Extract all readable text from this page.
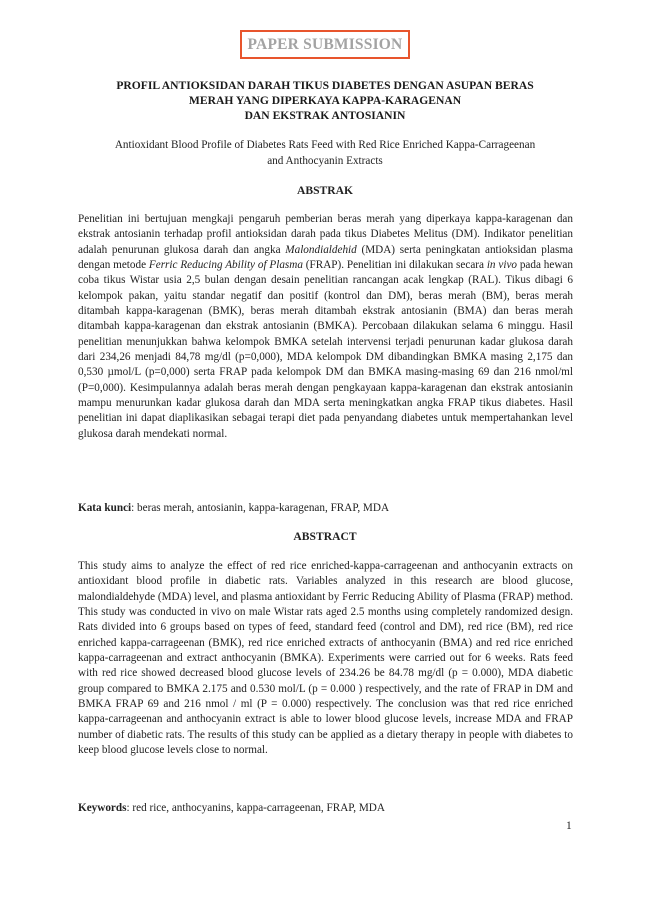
PAPER SUBMISSION
PROFIL ANTIOKSIDAN DARAH TIKUS DIABETES DENGAN ASUPAN BERAS
MERAH YANG DIPERKAYA KAPPA-KARAGENAN
DAN EKSTRAK ANTOSIANIN
Antioxidant Blood Profile of Diabetes Rats Feed with Red Rice Enriched Kappa-Carrageenan
and Anthocyanin Extracts
ABSTRAK
Penelitian ini bertujuan mengkaji pengaruh pemberian beras merah yang diperkaya kappa-karagenan dan ekstrak antosianin terhadap profil antioksidan darah pada tikus Diabetes Melitus (DM). Indikator penelitian adalah penurunan glukosa darah dan angka Malondialdehid (MDA) serta peningkatan antioksidan plasma dengan metode Ferric Reducing Ability of Plasma (FRAP). Penelitian ini dilakukan secara in vivo pada hewan coba tikus Wistar usia 2,5 bulan dengan desain penelitian rancangan acak lengkap (RAL). Tikus dibagi 6 kelompok pakan, yaitu standar negatif dan positif (kontrol dan DM), beras merah (BM), beras merah ditambah kappa-karagenan (BMK), beras merah ditambah ekstrak antosianin (BMA) dan beras merah ditambah kappa-karagenan dan ekstrak antosianin (BMKA). Percobaan dilakukan selama 6 minggu. Hasil penelitian menunjukkan bahwa kelompok BMKA setelah intervensi terjadi penurunan kadar glukosa darah dari 234,26 menjadi 84,78 mg/dl (p=0,000), MDA kelompok DM dibandingkan BMKA masing 2,175 dan 0,530 µmol/L (p=0,000) serta FRAP pada kelompok DM dan BMKA masing-masing 69 dan 216 nmol/ml (P=0,000). Kesimpulannya adalah beras merah dengan pengkayaan kappa-karagenan dan ekstrak antosianin mampu menurunkan kadar glukosa darah dan MDA serta meningkatkan angka FRAP tikus diabetes. Hasil penelitian ini dapat diaplikasikan sebagai terapi diet pada penyandang diabetes untuk mempertahankan level glukosa darah mendekati normal.
Kata kunci: beras merah, antosianin, kappa-karagenan, FRAP, MDA
ABSTRACT
This study aims to analyze the effect of red rice enriched-kappa-carrageenan and anthocyanin extracts on antioxidant blood profile in diabetic rats. Variables analyzed in this research are blood glucose, malondialdehyde (MDA) level, and plasma antioxidant by Ferric Reducing Ability of Plasma (FRAP) method. This study was conducted in vivo on male Wistar rats aged 2.5 months using completely randomized design. Rats divided into 6 groups based on types of feed, standard feed (control and DM), red rice (BM), red rice enriched kappa-carrageenan (BMK), red rice enriched extracts of anthocyanin (BMA) and red rice enriched kappa-carrageenan and extract anthocyanin (BMKA). Experiments were carried out for 6 weeks. Rats feed with red rice showed decreased blood glucose levels of 234.26 be 84.78 mg/dl (p = 0.000), MDA diabetic group compared to BMKA 2.175 and 0.530 mol/L (p = 0.000 ) respectively, and the rate of FRAP in DM and BMKA FRAP 69 and 216 nmol / ml (P = 0.000) respectively. The conclusion was that red rice enriched kappa-carrageenan and anthocyanin extract is able to lower blood glucose levels, increase MDA and FRAP number of diabetic rats. The results of this study can be applied as a dietary therapy in people with diabetes to keep blood glucose levels close to normal.
Keywords: red rice, anthocyanins, kappa-carrageenan, FRAP, MDA
1
